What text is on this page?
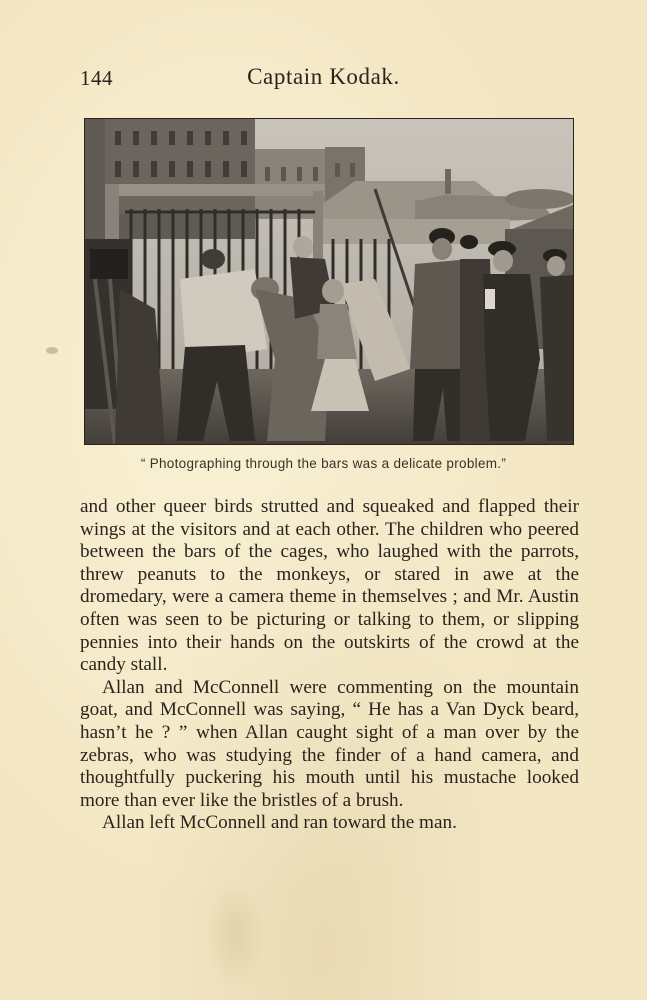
144	Captain Kodak.
“ Photographing through the bars was a delicate problem.”

and other queer birds strutted and squeaked and flapped their wings at the visitors and at each other. The children who peered between the bars of the cages, who laughed with the parrots, threw peanuts to the monkeys, or stared in awe at the dromedary, were a camera theme in themselves ; and Mr. Austin often was seen to be picturing or talking to them, or slipping pennies into their hands on the outskirts of the crowd at the candy stall.

Allan and McConnell were commenting on the mountain goat, and McConnell was saying, “ He has a Van Dyck beard, hasn’t he ? ” when Allan caught sight of a man over by the zebras, who was studying the finder of a hand camera, and thoughtfully puckering his mouth until his mustache looked more than ever like the bristles of a brush.

Allan left McConnell and ran toward the man.
